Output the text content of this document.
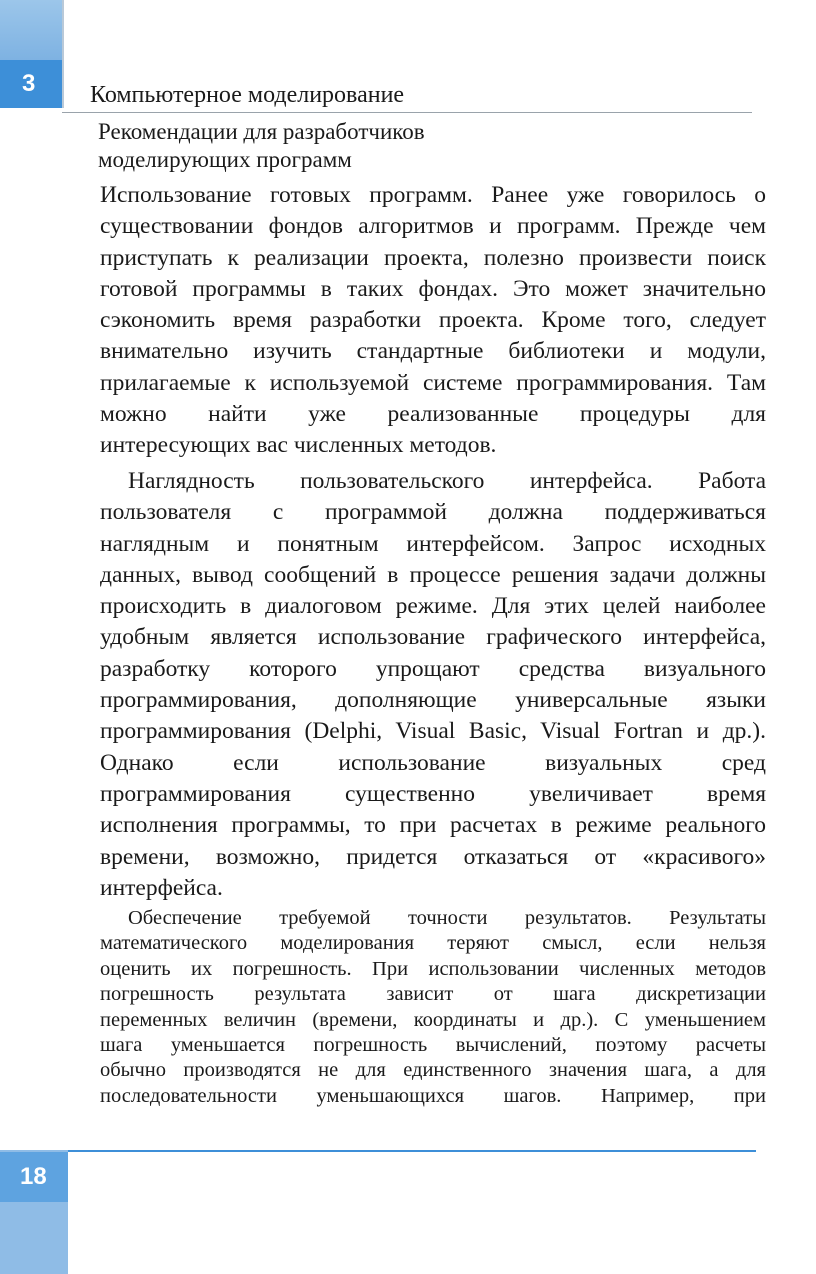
3	Компьютерное моделирование
Рекомендации для разработчиков
моделирующих программ
Использование готовых программ. Ранее уже говорилось о
существовании фондов алгоритмов и программ. Прежде чем
приступать к реализации проекта, полезно произвести поиск
готовой программы в таких фондах. Это может значительно
сэкономить время разработки проекта. Кроме того, следует
внимательно изучить стандартные библиотеки и модули,
прилагаемые к используемой системе программирования. Там
можно найти уже реализованные процедуры для
интересующих вас численных методов.
Наглядность пользовательского интерфейса. Работа
пользователя с программой должна поддерживаться
наглядным и понятным интерфейсом. Запрос исходных
данных, вывод сообщений в процессе решения задачи должны
происходить в диалоговом режиме. Для этих целей наиболее
удобным является использование графического интерфейса,
разработку которого упрощают средства визуального
программирования, дополняющие универсальные языки
программирования (Delphi, Visual Basic, Visual Fortran и др.).
Однако если использование визуальных сред
программирования существенно увеличивает время
исполнения программы, то при расчетах в режиме реального
времени, возможно, придется отказаться от «красивого»
интерфейса.
Обеспечение требуемой точности результатов. Результаты
математического моделирования теряют смысл, если нельзя
оценить их погрешность. При использовании численных методов
погрешность результата зависит от шага дискретизации
переменных величин (времени, координаты и др.). С уменьшением
шага уменьшается погрешность вычислений, поэтому расчеты
обычно производятся не для единственного значения шага, а для
последовательности уменьшающихся шагов. Например, при
18
